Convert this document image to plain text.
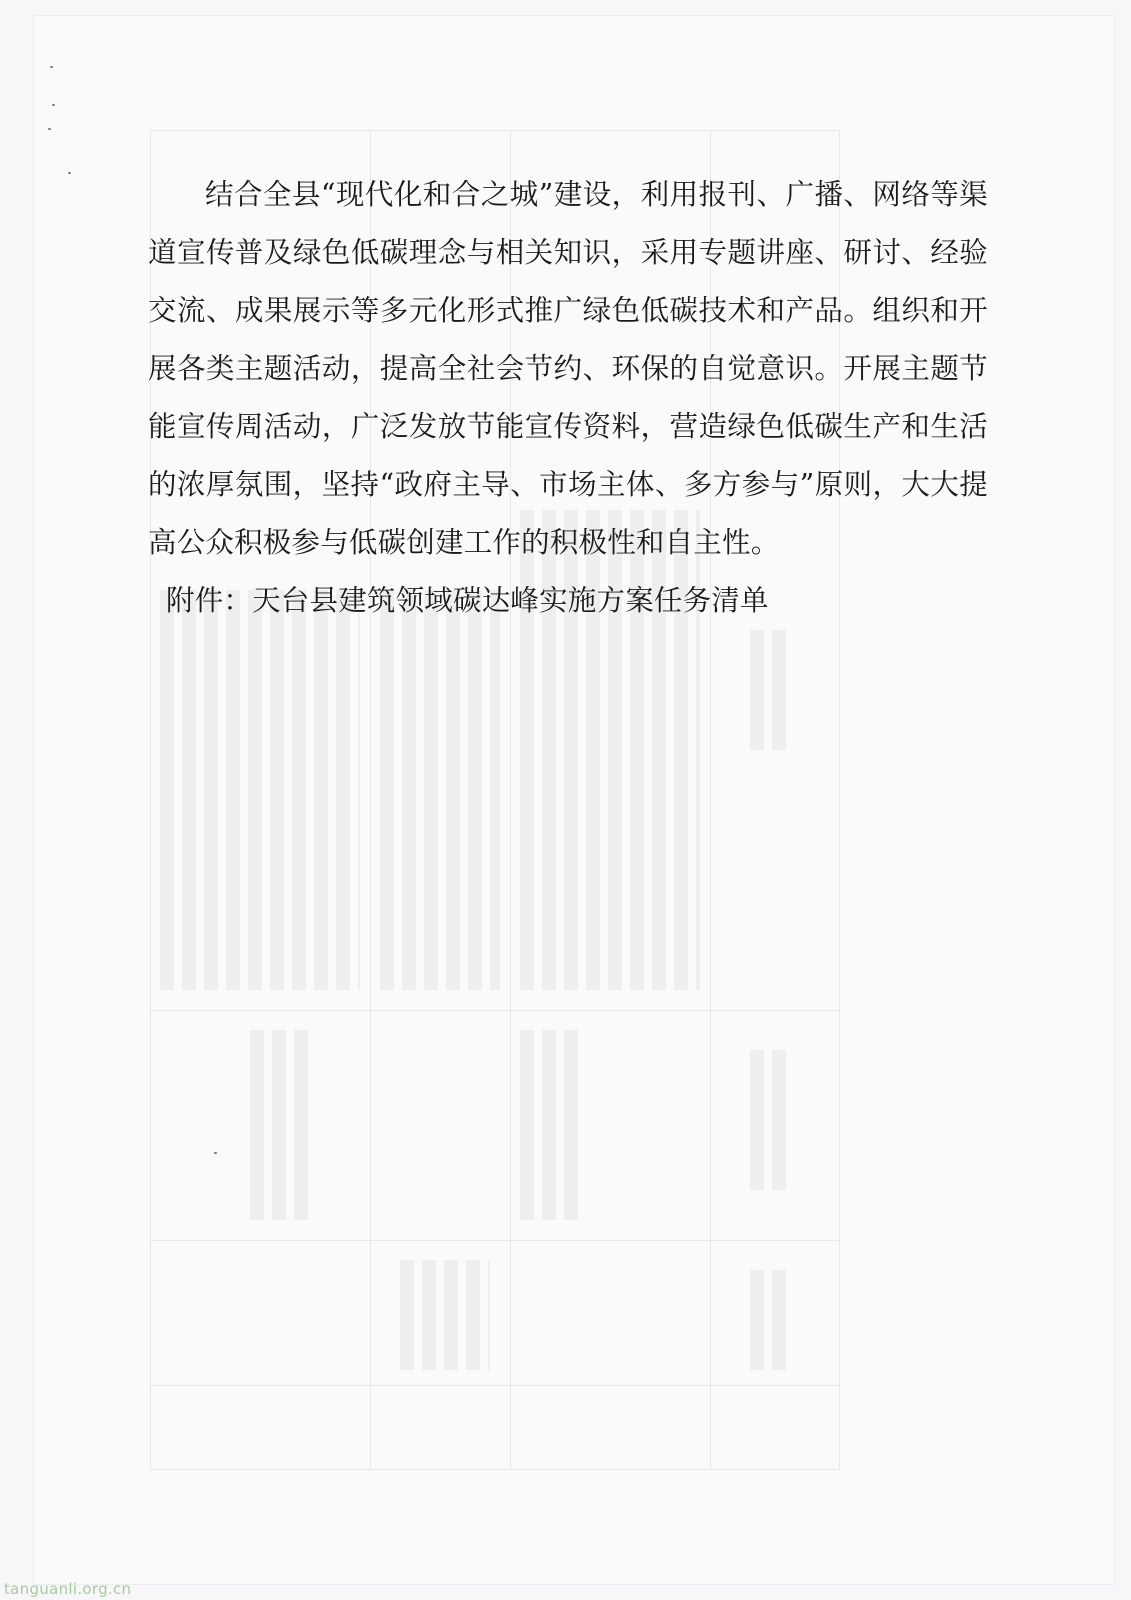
结合全县“现代化和合之城”建设，利用报刊、广播、网络等渠道宣传普及绿色低碳理念与相关知识，采用专题讲座、研讨、经验交流、成果展示等多元化形式推广绿色低碳技术和产品。组织和开展各类主题活动，提高全社会节约、环保的自觉意识。开展主题节能宣传周活动，广泛发放节能宣传资料，营造绿色低碳生产和生活的浓厚氛围，坚持“政府主导、市场主体、多方参与”原则，大大提高公众积极参与低碳创建工作的积极性和自主性。

附件：天台县建筑领域碳达峰实施方案任务清单

tanguanli.org.cn
